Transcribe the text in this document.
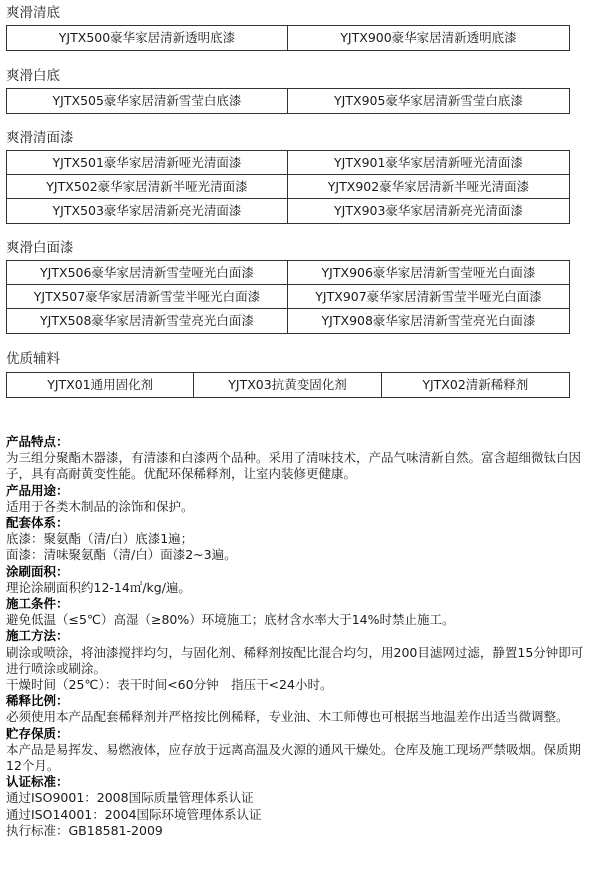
爽滑清底
YJTX500豪华家居清新透明底漆	YJTX900豪华家居清新透明底漆
爽滑白底
YJTX505豪华家居清新雪莹白底漆	YJTX905豪华家居清新雪莹白底漆
爽滑清面漆
YJTX501豪华家居清新哑光清面漆	YJTX901豪华家居清新哑光清面漆
YJTX502豪华家居清新半哑光清面漆	YJTX902豪华家居清新半哑光清面漆
YJTX503豪华家居清新亮光清面漆	YJTX903豪华家居清新亮光清面漆
爽滑白面漆
YJTX506豪华家居清新雪莹哑光白面漆	YJTX906豪华家居清新雪莹哑光白面漆
YJTX507豪华家居清新雪莹半哑光白面漆	YJTX907豪华家居清新雪莹半哑光白面漆
YJTX508豪华家居清新雪莹亮光白面漆	YJTX908豪华家居清新雪莹亮光白面漆
优质辅料
YJTX01通用固化剂	YJTX03抗黄变固化剂	YJTX02清新稀释剂
产品特点：

为三组分聚酯木器漆，有清漆和白漆两个品种。采用了清味技术，产品气味清新自然。富含超细微钛白因子，具有高耐黄变性能。优配环保稀释剂，让室内装修更健康。

产品用途：

适用于各类木制品的涂饰和保护。

配套体系：

底漆：聚氨酯（清/白）底漆1遍；

面漆：清味聚氨酯（清/白）面漆2~3遍。

涂刷面积：

理论涂刷面积约12-14㎡/kg/遍。

施工条件：

避免低温（≤5℃）高湿（≥80%）环境施工；底材含水率大于14%时禁止施工。

施工方法：

刷涂或喷涂，将油漆搅拌均匀，与固化剂、稀释剂按配比混合均匀，用200目滤网过滤，静置15分钟即可进行喷涂或刷涂。

干燥时间（25℃）：表干时间<60分钟　指压干<24小时。

稀释比例：

必须使用本产品配套稀释剂并严格按比例稀释，专业油、木工师傅也可根据当地温差作出适当微调整。

贮存保质：

本产品是易挥发、易燃液体，应存放于远离高温及火源的通风干燥处。仓库及施工现场严禁吸烟。保质期12个月。

认证标准：

通过ISO9001：2008国际质量管理体系认证

通过ISO14001：2004国际环境管理体系认证

执行标准：GB18581-2009
